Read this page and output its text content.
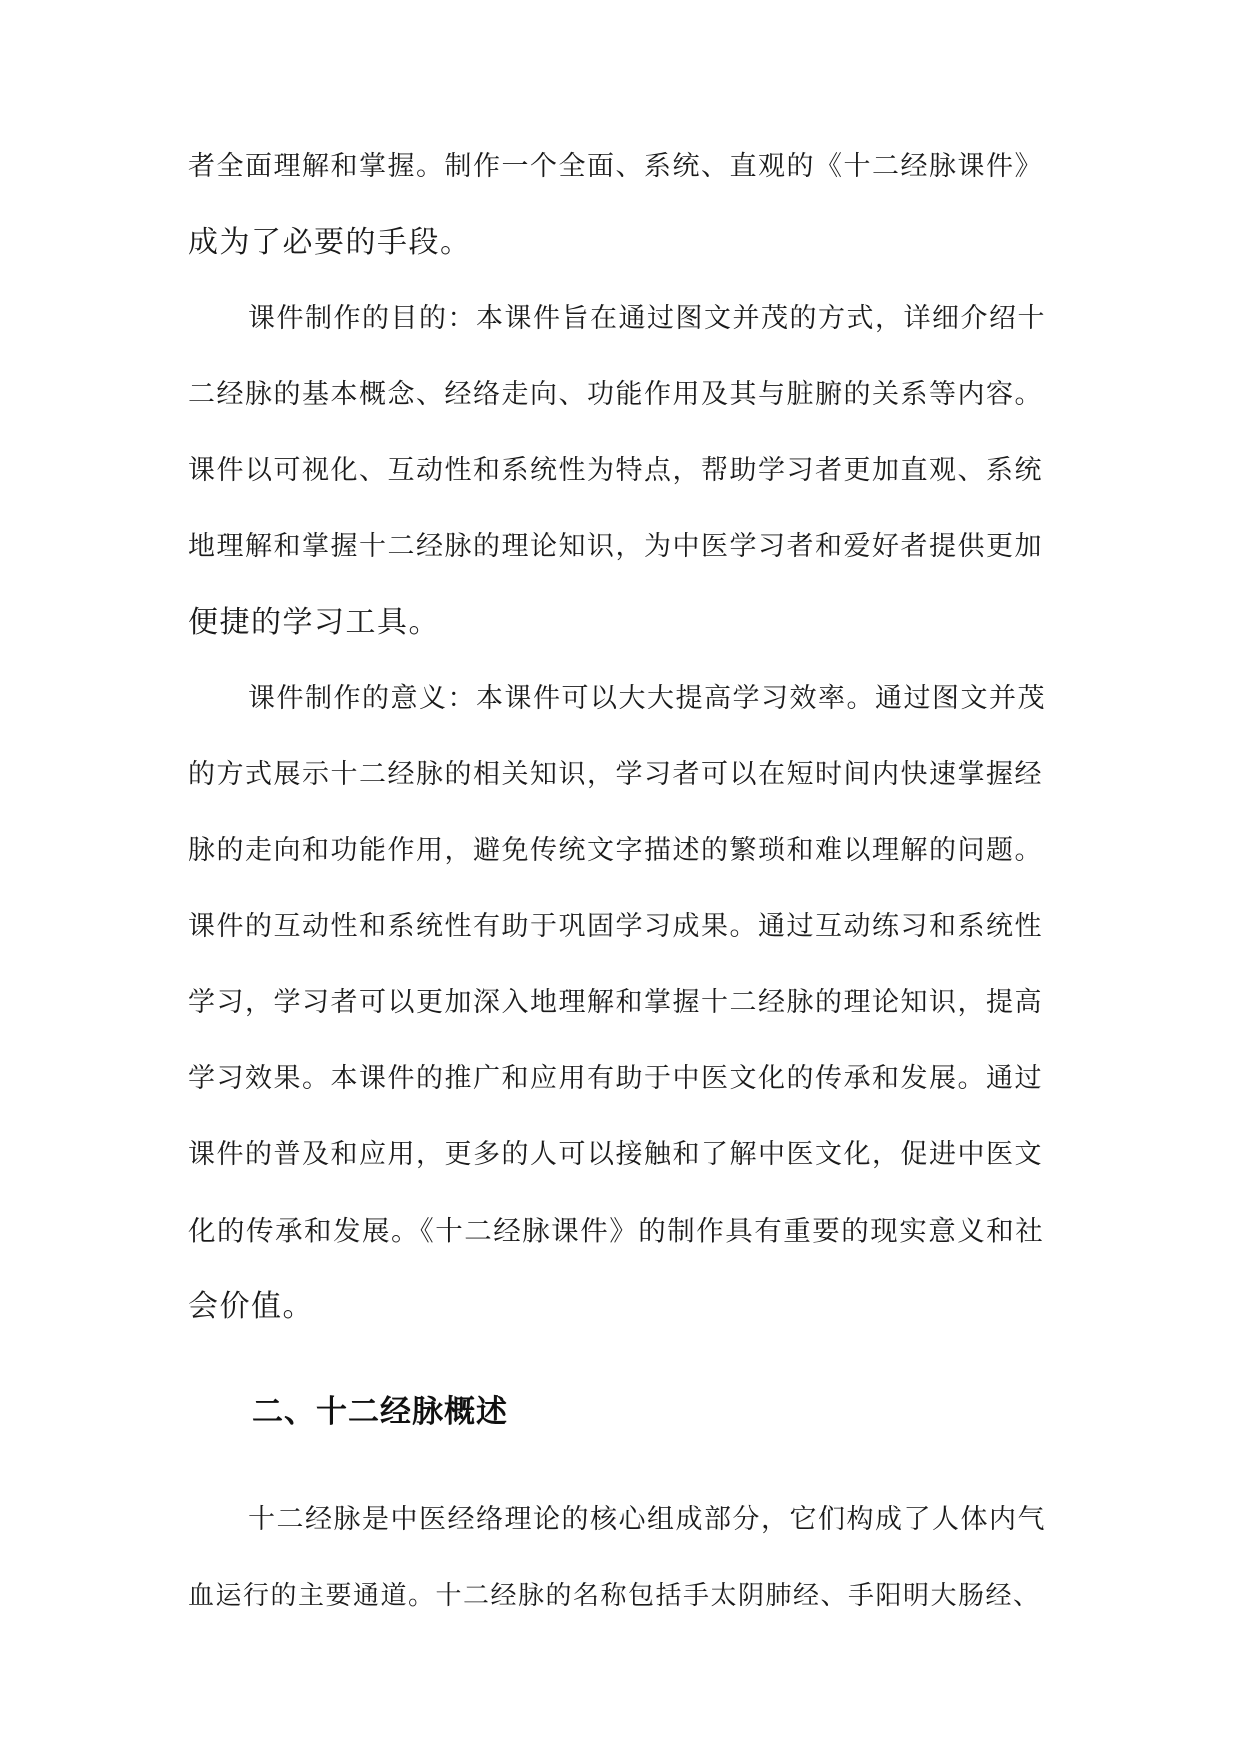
者全面理解和掌握。制作一个全面、系统、直观的《十二经脉课件》
成为了必要的手段。
课件制作的目的：本课件旨在通过图文并茂的方式，详细介绍十
二经脉的基本概念、经络走向、功能作用及其与脏腑的关系等内容。
课件以可视化、互动性和系统性为特点，帮助学习者更加直观、系统
地理解和掌握十二经脉的理论知识，为中医学习者和爱好者提供更加
便捷的学习工具。
课件制作的意义：本课件可以大大提高学习效率。通过图文并茂
的方式展示十二经脉的相关知识，学习者可以在短时间内快速掌握经
脉的走向和功能作用，避免传统文字描述的繁琐和难以理解的问题。
课件的互动性和系统性有助于巩固学习成果。通过互动练习和系统性
学习，学习者可以更加深入地理解和掌握十二经脉的理论知识，提高
学习效果。本课件的推广和应用有助于中医文化的传承和发展。通过
课件的普及和应用，更多的人可以接触和了解中医文化，促进中医文
化的传承和发展。《十二经脉课件》的制作具有重要的现实意义和社
会价值。
二、十二经脉概述
十二经脉是中医经络理论的核心组成部分，它们构成了人体内气
血运行的主要通道。十二经脉的名称包括手太阴肺经、手阳明大肠经、
